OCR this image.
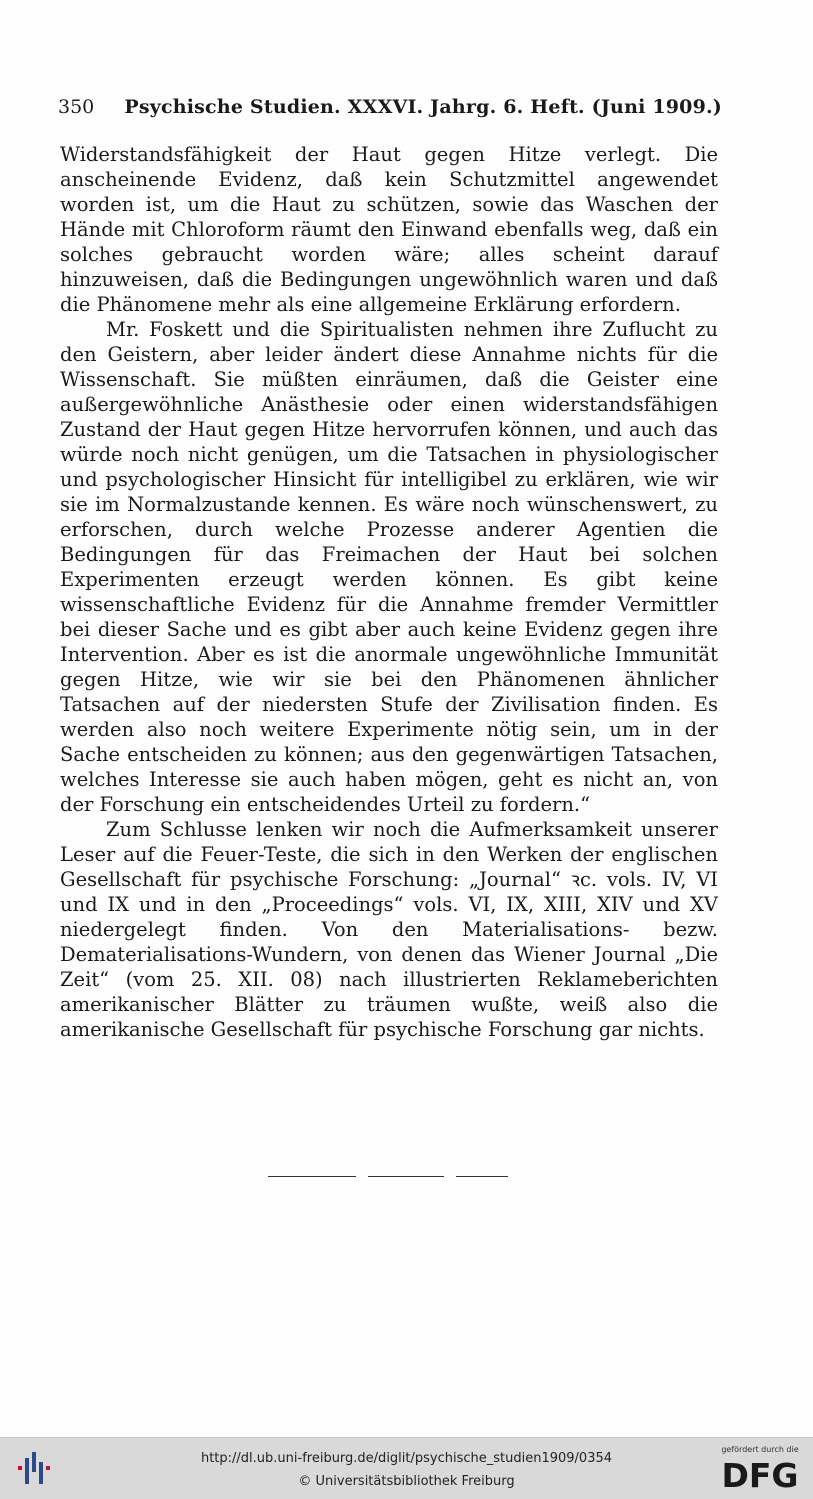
350 Psychische Studien. XXXVI. Jahrg. 6. Heft. (Juni 1909.)

Widerstandsfähigkeit der Haut gegen Hitze verlegt. Die anscheinende Evidenz, daß kein Schutzmittel angewendet worden ist, um die Haut zu schützen, sowie das Waschen der Hände mit Chloroform räumt den Einwand ebenfalls weg, daß ein solches gebraucht worden wäre; alles scheint darauf hinzuweisen, daß die Bedingungen ungewöhnlich waren und daß die Phänomene mehr als eine allgemeine Erklärung erfordern.

Mr. Foskett und die Spiritualisten nehmen ihre Zuflucht zu den Geistern, aber leider ändert diese Annahme nichts für die Wissenschaft. Sie müßten einräumen, daß die Geister eine außergewöhnliche Anästhesie oder einen widerstandsfähigen Zustand der Haut gegen Hitze hervorrufen können, und auch das würde noch nicht genügen, um die Tatsachen in physiologischer und psychologischer Hinsicht für intelligibel zu erklären, wie wir sie im Normalzustande kennen. Es wäre noch wünschenswert, zu erforschen, durch welche Prozesse anderer Agentien die Bedingungen für das Freimachen der Haut bei solchen Experimenten erzeugt werden können. Es gibt keine wissenschaftliche Evidenz für die Annahme fremder Vermittler bei dieser Sache und es gibt aber auch keine Evidenz gegen ihre Intervention. Aber es ist die anormale ungewöhnliche Immunität gegen Hitze, wie wir sie bei den Phänomenen ähnlicher Tatsachen auf der niedersten Stufe der Zivilisation finden. Es werden also noch weitere Experimente nötig sein, um in der Sache entscheiden zu können; aus den gegenwärtigen Tatsachen, welches Interesse sie auch haben mögen, geht es nicht an, von der Forschung ein entscheidendes Urteil zu fordern.“

Zum Schlusse lenken wir noch die Aufmerksamkeit unserer Leser auf die Feuer-Teste, die sich in den Werken der englischen Gesellschaft für psychische Forschung: „Journal“ ꝛc. vols. IV, VI und IX und in den „Proceedings“ vols. VI, IX, XIII, XIV und XV niedergelegt finden. Von den Materialisations- bezw. Dematerialisations-Wundern, von denen das Wiener Journal „Die Zeit“ (vom 25. XII. 08) nach illustrierten Reklameberichten amerikanischer Blätter zu träumen wußte, weiß also die amerikanische Gesellschaft für psychische Forschung gar nichts.

http://dl.ub.uni-freiburg.de/diglit/psychische_studien1909/0354
© Universitätsbibliothek Freiburg
gefördert durch die
DFG
